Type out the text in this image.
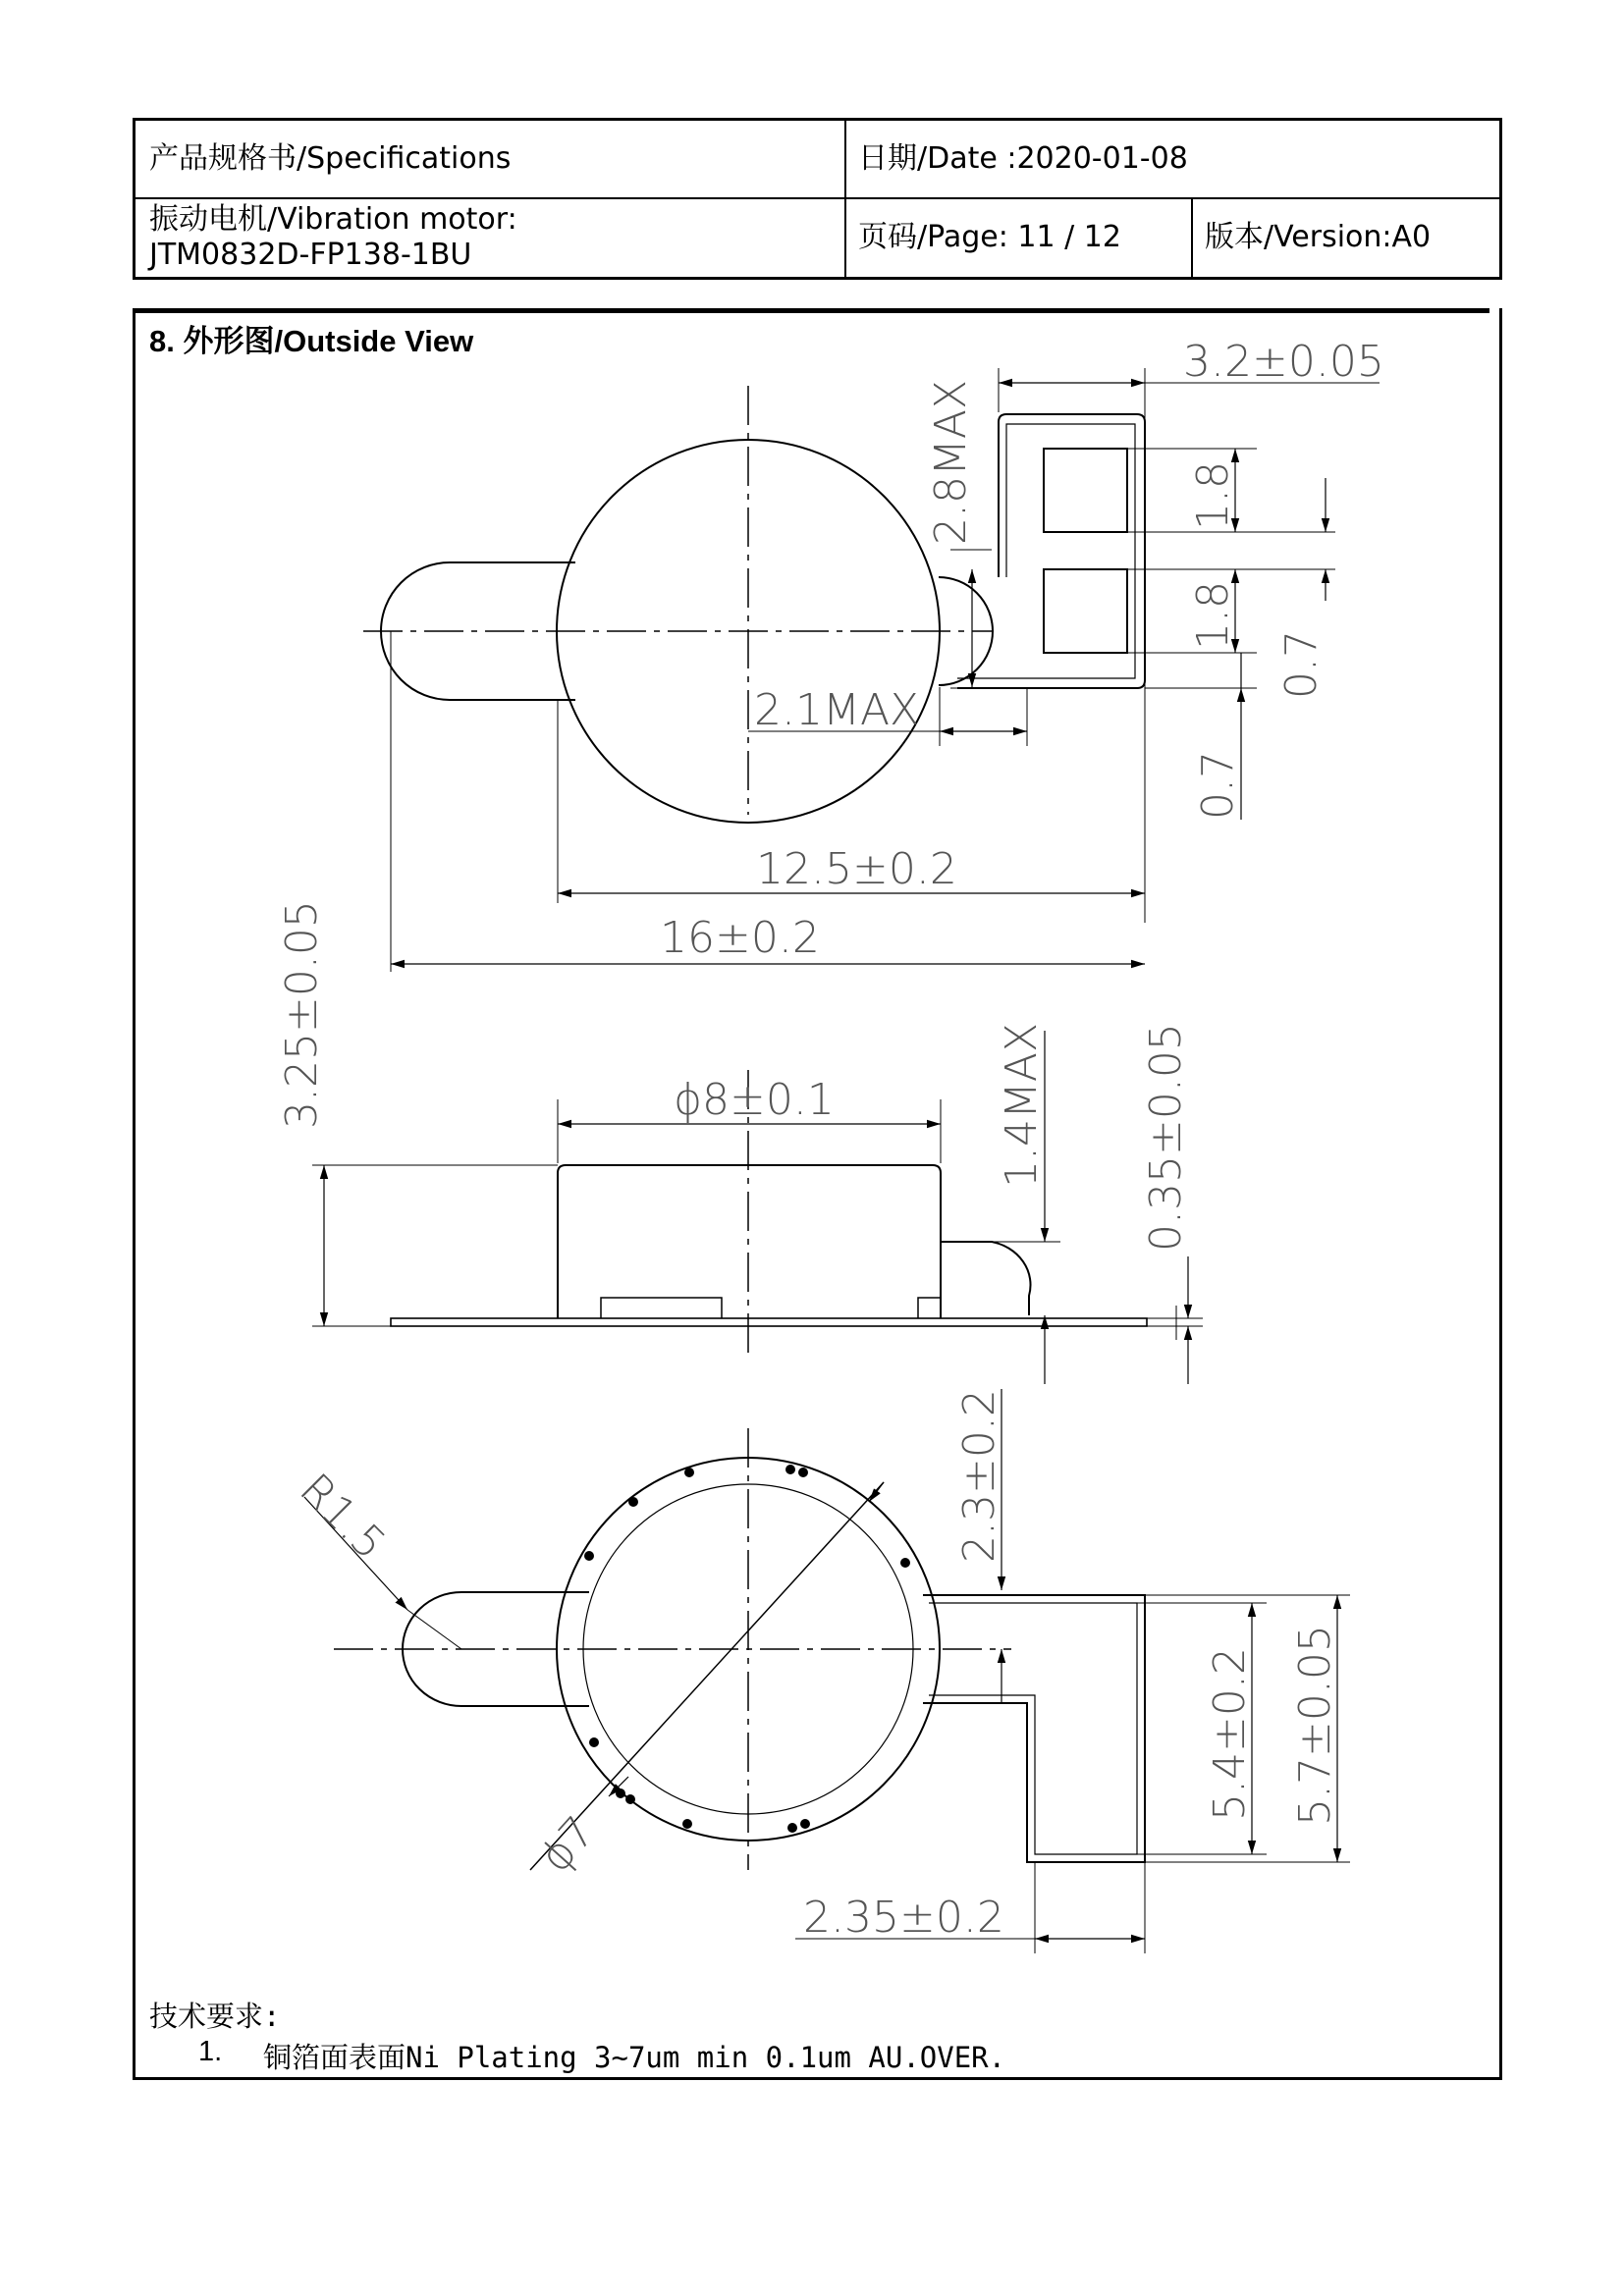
产品规格书/Specifications	日期/Date :2020-01-08
振动电机/Vibration motor:
JTM0832D-FP138-1BU
页码/Page: 11 / 12	版本/Version:A0
8. 外形图/Outside View	3.2±0.05
2.8MAX	1.8
1.8
0.7
0.7
2.1MAX
12.5±0.2
16±0.2
3.25±0.05	ϕ8±0.1	1.4MAX 0.35±0.05
R1.5	2.3±0.2
5.4±0.2 5.7±0.05
2.35±0.2
ϕ7
技术要求:
1. 铜箔面表面Ni Plating 3~7um min 0.1um AU.OVER.
